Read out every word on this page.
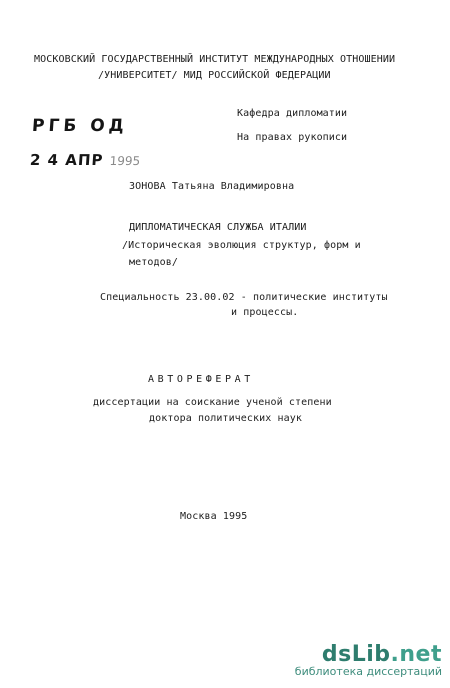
МОСКОВСКИЙ ГОСУДАРСТВЕННЫЙ ИНСТИТУТ МЕЖДУНАРОДНЫХ ОТНОШЕНИИ
/УНИВЕРСИТЕТ/ МИД РОССИЙСКОЙ ФЕДЕРАЦИИ
РГБ ОД
2 4 АПР 1995
Кафедра дипломатии
На правах рукописи
ЗОНОВА Татьяна Владимировна
ДИПЛОМАТИЧЕСКАЯ СЛУЖБА ИТАЛИИ
/Историческая эволюция структур, форм и
методов/
Специальность 23.00.02 - политические институты
и процессы.
АВТОРЕФЕРАТ
диссертации на соискание ученой степени
доктора политических наук
Москва 1995
dsLib.net
библиотека диссертаций
